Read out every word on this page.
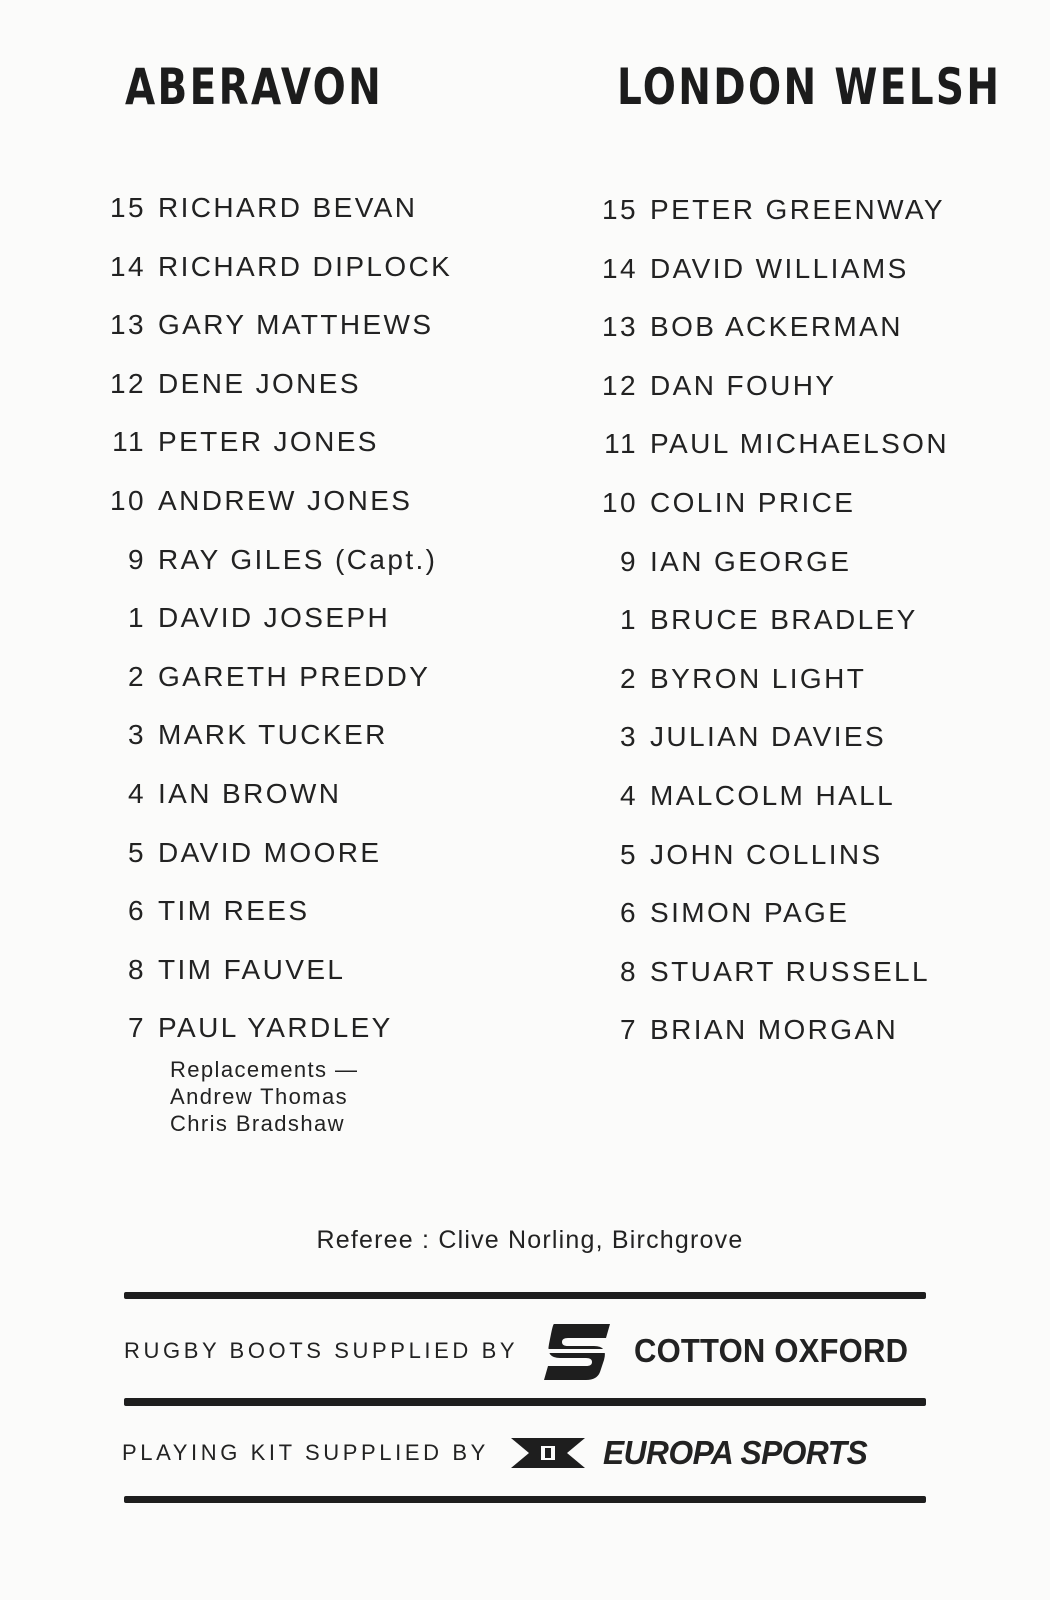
ABERAVON	LONDON WELSH
15 RICHARD BEVAN
14 RICHARD DIPLOCK
13 GARY MATTHEWS
12 DENE JONES
11 PETER JONES
10 ANDREW JONES
9 RAY GILES (Capt.)
1 DAVID JOSEPH
2 GARETH PREDDY
3 MARK TUCKER
4 IAN BROWN
5 DAVID MOORE
6 TIM REES
8 TIM FAUVEL
7 PAUL YARDLEY
15 PETER GREENWAY
14 DAVID WILLIAMS
13 BOB ACKERMAN
12 DAN FOUHY
11 PAUL MICHAELSON
10 COLIN PRICE
9 IAN GEORGE
1 BRUCE BRADLEY
2 BYRON LIGHT
3 JULIAN DAVIES
4 MALCOLM HALL
5 JOHN COLLINS
6 SIMON PAGE
8 STUART RUSSELL
7 BRIAN MORGAN
Replacements —
Andrew Thomas
Chris Bradshaw
Referee : Clive Norling, Birchgrove
RUGBY BOOTS SUPPLIED BY	COTTON OXFORD
PLAYING KIT SUPPLIED BY	EUROPA SPORTS
